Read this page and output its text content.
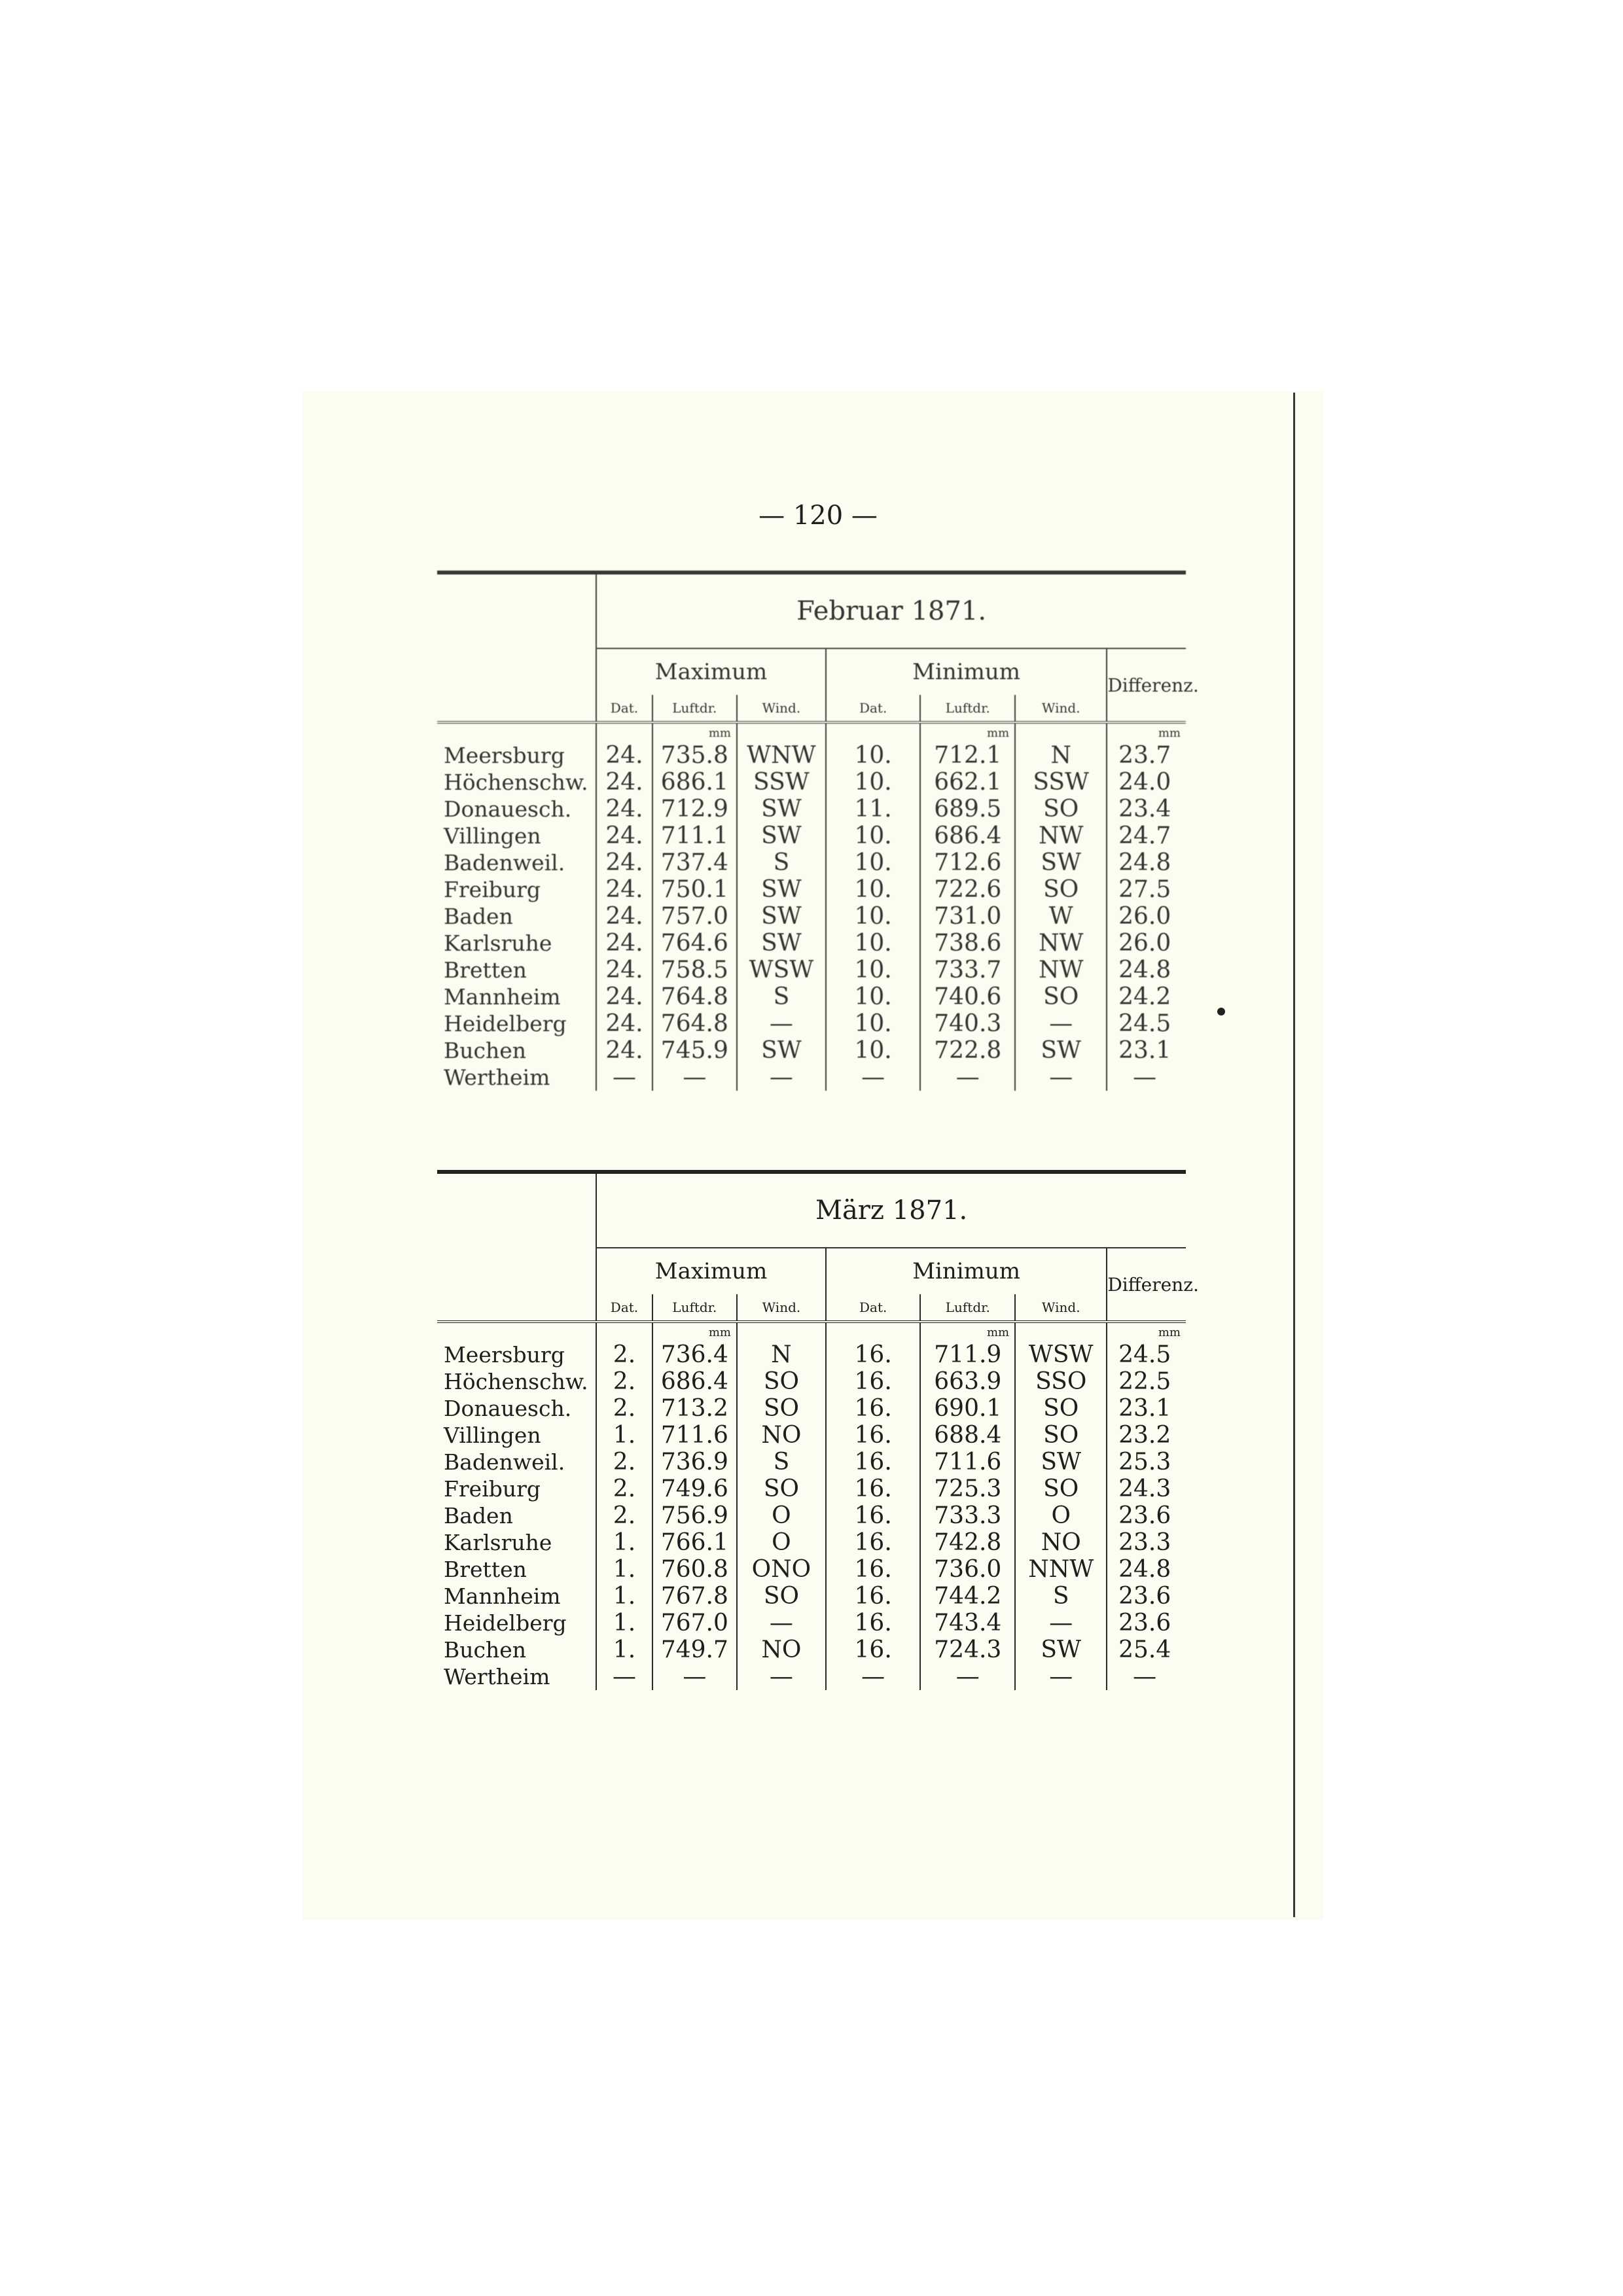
— 120 —
	Februar 1871.						
	Maximum			Minimum			Differenz.
	Dat.	Luftdr.	Wind.	Dat.	Luftdr.	Wind.	
		mm			mm		mm
Meersburg	24.	735.8	WNW	10.	712.1	N	23.7
Höchenschw.	24.	686.1	SSW	10.	662.1	SSW	24.0
Donauesch.	24.	712.9	SW	11.	689.5	SO	23.4
Villingen	24.	711.1	SW	10.	686.4	NW	24.7
Badenweil.	24.	737.4	S	10.	712.6	SW	24.8
Freiburg	24.	750.1	SW	10.	722.6	SO	27.5
Baden	24.	757.0	SW	10.	731.0	W	26.0
Karlsruhe	24.	764.6	SW	10.	738.6	NW	26.0
Bretten	24.	758.5	WSW	10.	733.7	NW	24.8
Mannheim	24.	764.8	S	10.	740.6	SO	24.2
Heidelberg	24.	764.8	—	10.	740.3	—	24.5
Buchen	24.	745.9	SW	10.	722.8	SW	23.1
Wertheim	—	—	—	—	—	—	—
	März 1871.						
	Maximum			Minimum			Differenz.
	Dat.	Luftdr.	Wind.	Dat.	Luftdr.	Wind.	
		mm			mm		mm
Meersburg	2.	736.4	N	16.	711.9	WSW	24.5
Höchenschw.	2.	686.4	SO	16.	663.9	SSO	22.5
Donauesch.	2.	713.2	SO	16.	690.1	SO	23.1
Villingen	1.	711.6	NO	16.	688.4	SO	23.2
Badenweil.	2.	736.9	S	16.	711.6	SW	25.3
Freiburg	2.	749.6	SO	16.	725.3	SO	24.3
Baden	2.	756.9	O	16.	733.3	O	23.6
Karlsruhe	1.	766.1	O	16.	742.8	NO	23.3
Bretten	1.	760.8	ONO	16.	736.0	NNW	24.8
Mannheim	1.	767.8	SO	16.	744.2	S	23.6
Heidelberg	1.	767.0	—	16.	743.4	—	23.6
Buchen	1.	749.7	NO	16.	724.3	SW	25.4
Wertheim	—	—	—	—	—	—	—
